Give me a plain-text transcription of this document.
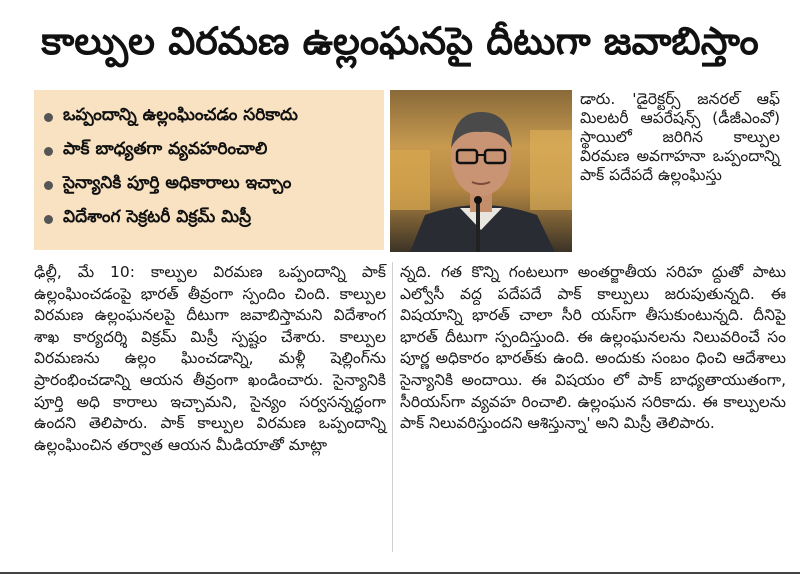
కాల్పుల విరమణ ఉల్లంఘనపై దీటుగా జవాబిస్తాం
ఒప్పందాన్ని ఉల్లంఘించడం సరికాదు
పాక్ బాధ్యతగా వ్యవహరించాలి
సైన్యానికి పూర్తి అధికారాలు ఇచ్చాం
విదేశాంగ సెక్రటరీ విక్రమ్ మిస్రీ

డారు. 'డైరెక్టర్స్ జనరల్ ఆఫ్ మిలటరీ ఆపరేషన్స్ (డీజీఎంవో) స్థాయిలో జరిగిన కాల్పుల విరమణ అవగాహనా ఒప్పందాన్ని పాక్ పదేపదే ఉల్లంఘిస్తు

ఢిల్లీ, మే 10: కాల్పుల విరమణ ఒప్పందాన్ని పాక్ ఉల్లంఘించడంపై భారత్ తీవ్రంగా స్పందిం చింది. కాల్పుల విరమణ ఉల్లంఘనలపై దీటుగా జవాబిస్తామని విదేశాంగ శాఖ కార్యదర్శి విక్రమ్ మిస్రీ స్పష్టం చేశారు. కాల్పుల విరమణను ఉల్లం ఘించడాన్ని, మళ్లీ షెల్లింగ్‌ను ప్రారంభించడాన్ని ఆయన తీవ్రంగా ఖండించారు. సైన్యానికి పూర్తి అధి కారాలు ఇచ్చామని, సైన్యం సర్వసన్నద్ధంగా ఉందని తెలిపారు. పాక్ కాల్పుల విరమణ ఒప్పందాన్ని ఉల్లంఘించిన తర్వాత ఆయన మీడియాతో మాట్లా

న్నది. గత కొన్ని గంటలుగా అంతర్జాతీయ సరిహ ద్దుతో పాటు ఎల్వోసీ వద్ద పదేపదే పాక్ కాల్పులు జరుపుతున్నది. ఈ విషయాన్ని భారత్ చాలా సీరి యస్‌గా తీసుకుంటున్నది. దీనిపై భారత్ దీటుగా స్పందిస్తుంది. ఈ ఉల్లంఘనలను నిలువరించే సం పూర్ణ అధికారం భారత్‌కు ఉంది. అందుకు సంబం ధించి ఆదేశాలు సైన్యానికి అందాయి. ఈ విషయం లో పాక్ బాధ్యతాయుతంగా, సీరియస్‌గా వ్యవహ రించాలి. ఉల్లంఘన సరికాదు. ఈ కాల్పులను పాక్ నిలువరిస్తుందని ఆశిస్తున్నా' అని మిస్రీ తెలిపారు.
